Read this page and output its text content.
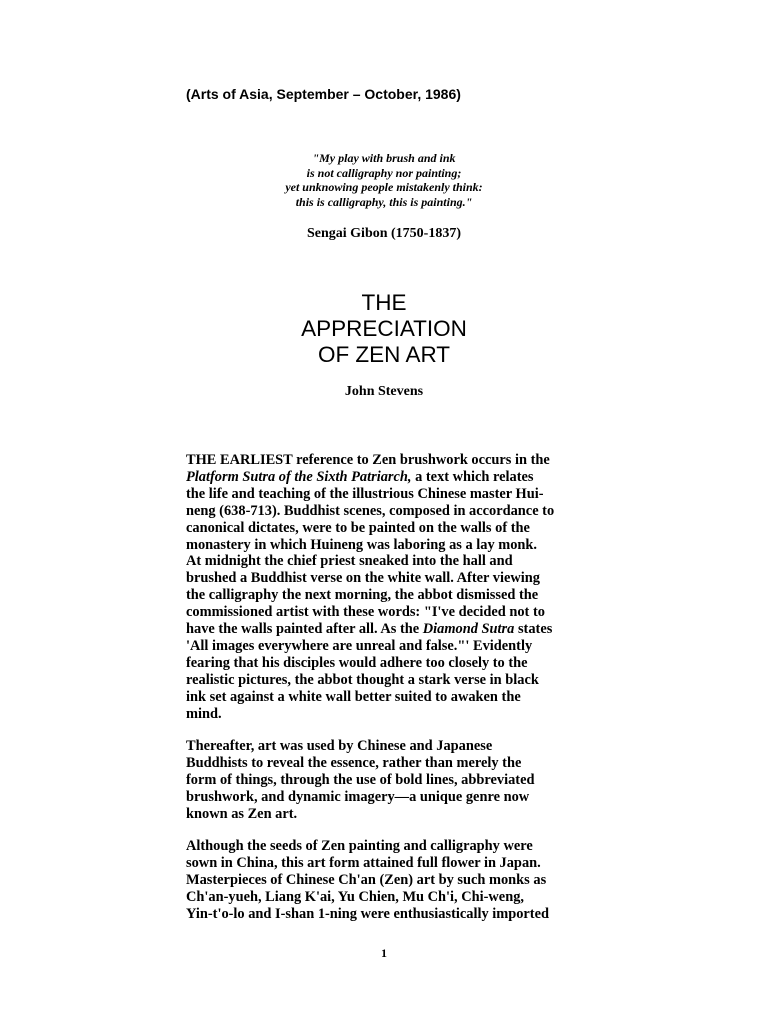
(Arts of Asia, September – October, 1986)
"My play with brush and ink
is not calligraphy nor painting;
yet unknowing people mistakenly think:
this is calligraphy, this is painting."
Sengai Gibon (1750-1837)
THE
APPRECIATION
OF ZEN ART
John Stevens
THE EARLIEST reference to Zen brushwork occurs in the
Platform Sutra of the Sixth Patriarch, a text which relates
the life and teaching of the illustrious Chinese master Hui-
neng (638-713). Buddhist scenes, composed in accordance to
canonical dictates, were to be painted on the walls of the
monastery in which Huineng was laboring as a lay monk.
At midnight the chief priest sneaked into the hall and
brushed a Buddhist verse on the white wall. After viewing
the calligraphy the next morning, the abbot dismissed the
commissioned artist with these words: "I've decided not to
have the walls painted after all. As the Diamond Sutra states
'All images everywhere are unreal and false."' Evidently
fearing that his disciples would adhere too closely to the
realistic pictures, the abbot thought a stark verse in black
ink set against a white wall better suited to awaken the
mind.
Thereafter, art was used by Chinese and Japanese
Buddhists to reveal the essence, rather than merely the
form of things, through the use of bold lines, abbreviated
brushwork, and dynamic imagery—a unique genre now
known as Zen art.
Although the seeds of Zen painting and calligraphy were
sown in China, this art form attained full flower in Japan.
Masterpieces of Chinese Ch'an (Zen) art by such monks as
Ch'an-yueh, Liang K'ai, Yu Chien, Mu Ch'i, Chi-weng,
Yin-t'o-lo and I-shan 1-ning were enthusiastically imported
1
